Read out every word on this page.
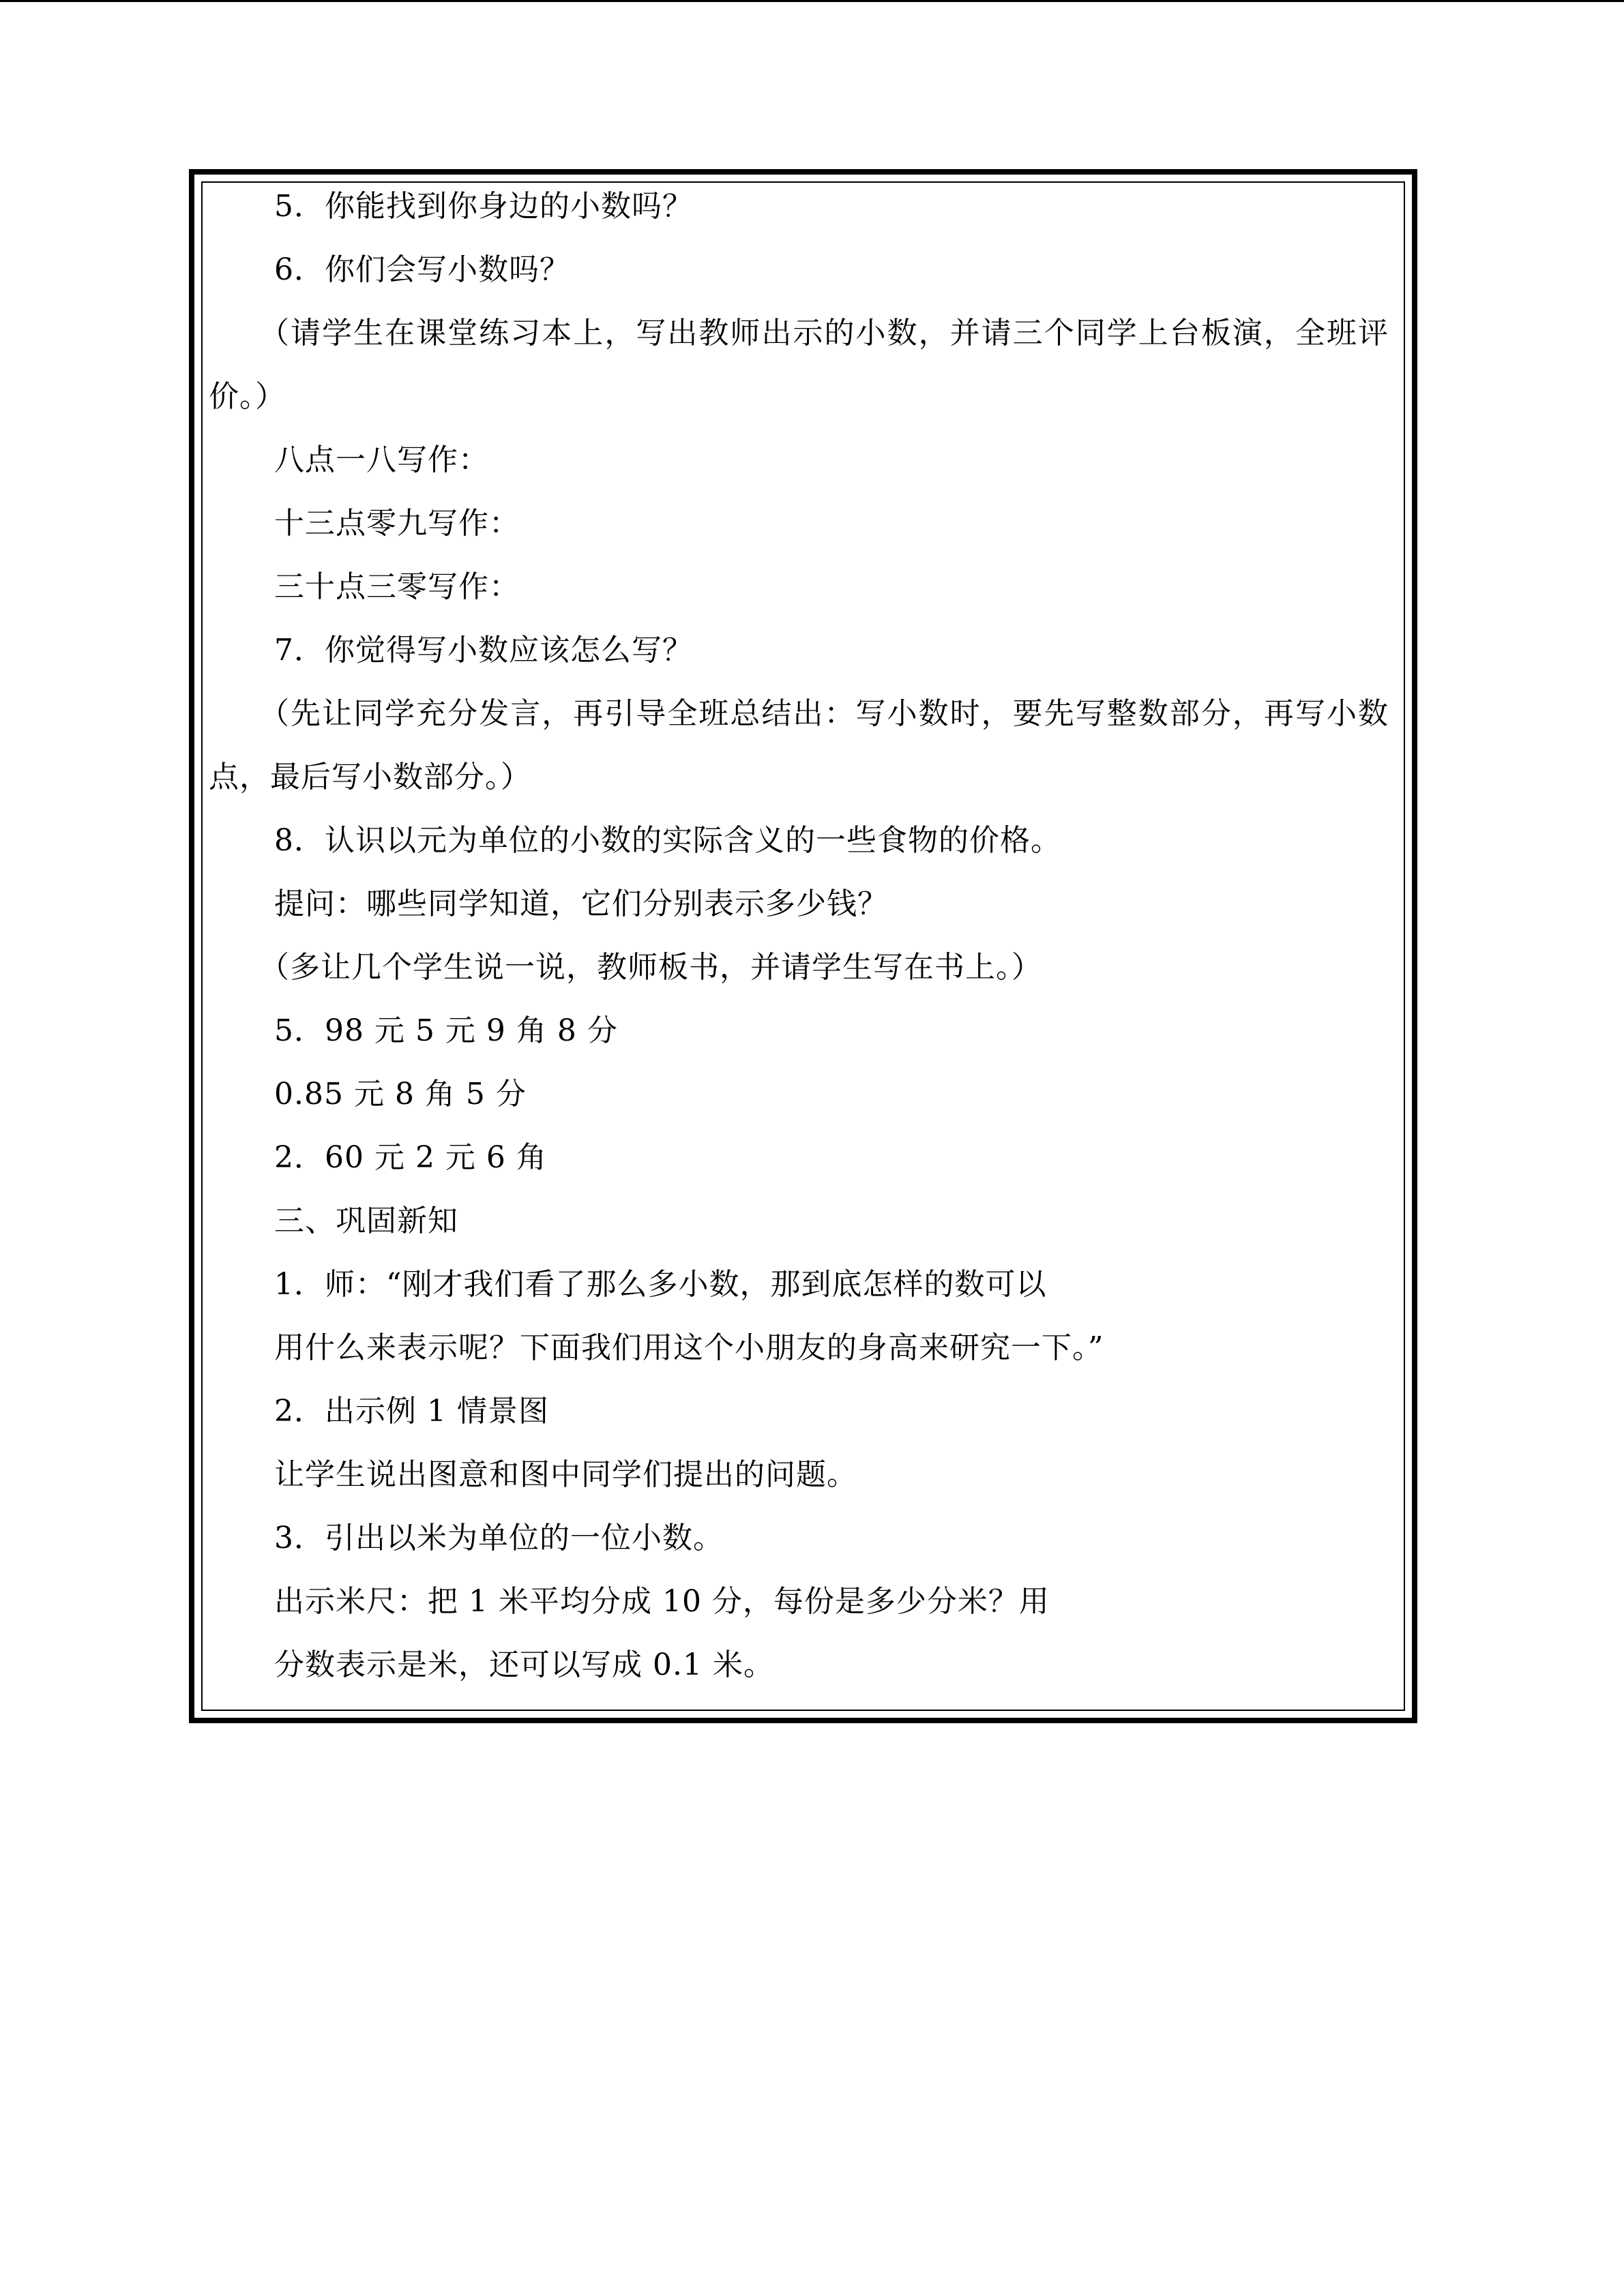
5．你能找到你身边的小数吗？

6．你们会写小数吗？

（请学生在课堂练习本上，写出教师出示的小数，并请三个同学上台板演，全班评价。）

八点一八写作：

十三点零九写作：

三十点三零写作：

7．你觉得写小数应该怎么写？

（先让同学充分发言，再引导全班总结出：写小数时，要先写整数部分，再写小数点，最后写小数部分。）

8．认识以元为单位的小数的实际含义的一些食物的价格。

提问：哪些同学知道，它们分别表示多少钱？

（多让几个学生说一说，教师板书，并请学生写在书上。）

5．98 元 5 元 9 角 8 分

0.85 元 8 角 5 分

2．60 元 2 元 6 角

三、巩固新知

1．师：“刚才我们看了那么多小数，那到底怎样的数可以

用什么来表示呢？下面我们用这个小朋友的身高来研究一下。”

2．出示例 1 情景图

让学生说出图意和图中同学们提出的问题。

3．引出以米为单位的一位小数。

出示米尺：把 1 米平均分成 10 分，每份是多少分米？用

分数表示是米，还可以写成 0.1 米。
